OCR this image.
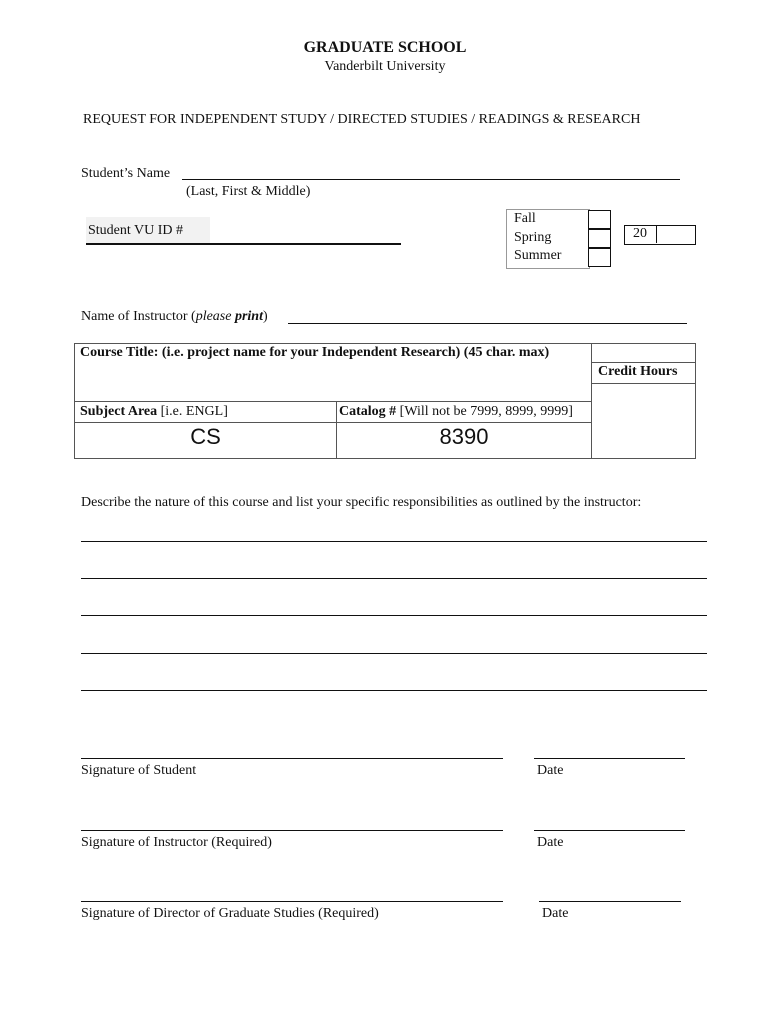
GRADUATE SCHOOL
Vanderbilt University
REQUEST FOR INDEPENDENT STUDY / DIRECTED STUDIES / READINGS & RESEARCH
Student’s Name
(Last, First & Middle)
Student VU ID #
Fall
Spring
Summer
20
Name of Instructor (please print)
Course Title: (i.e. project name for your Independent Research) (45 char. max)
Credit Hours
Subject Area [i.e. ENGL]	Catalog # [Will not be 7999, 8999, 9999]
CS	8390
Describe the nature of this course and list your specific responsibilities as outlined by the instructor:
Signature of Student	Date
Signature of Instructor (Required)	Date
Signature of Director of Graduate Studies (Required)	Date
